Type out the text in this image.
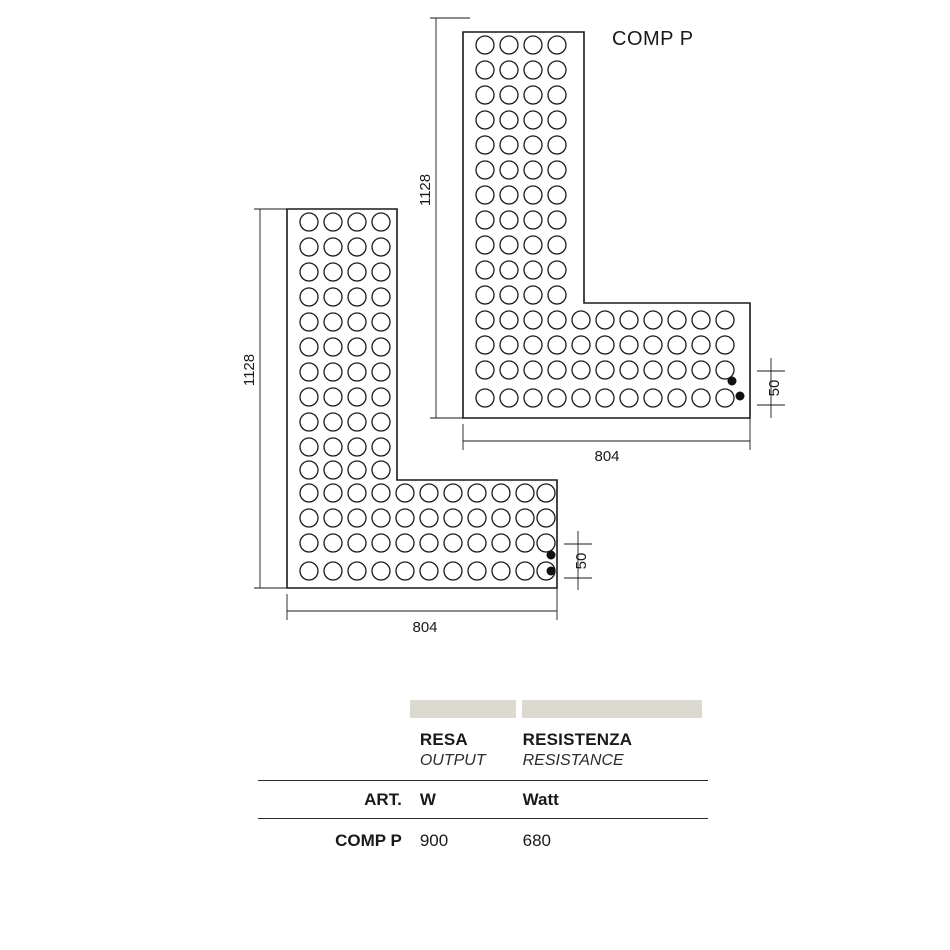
COMP P
1128
804
50
1128
804
50

RESA
OUTPUT

RESISTENZA
RESISTANCE

ART.	W	Watt
COMP P	900	680
